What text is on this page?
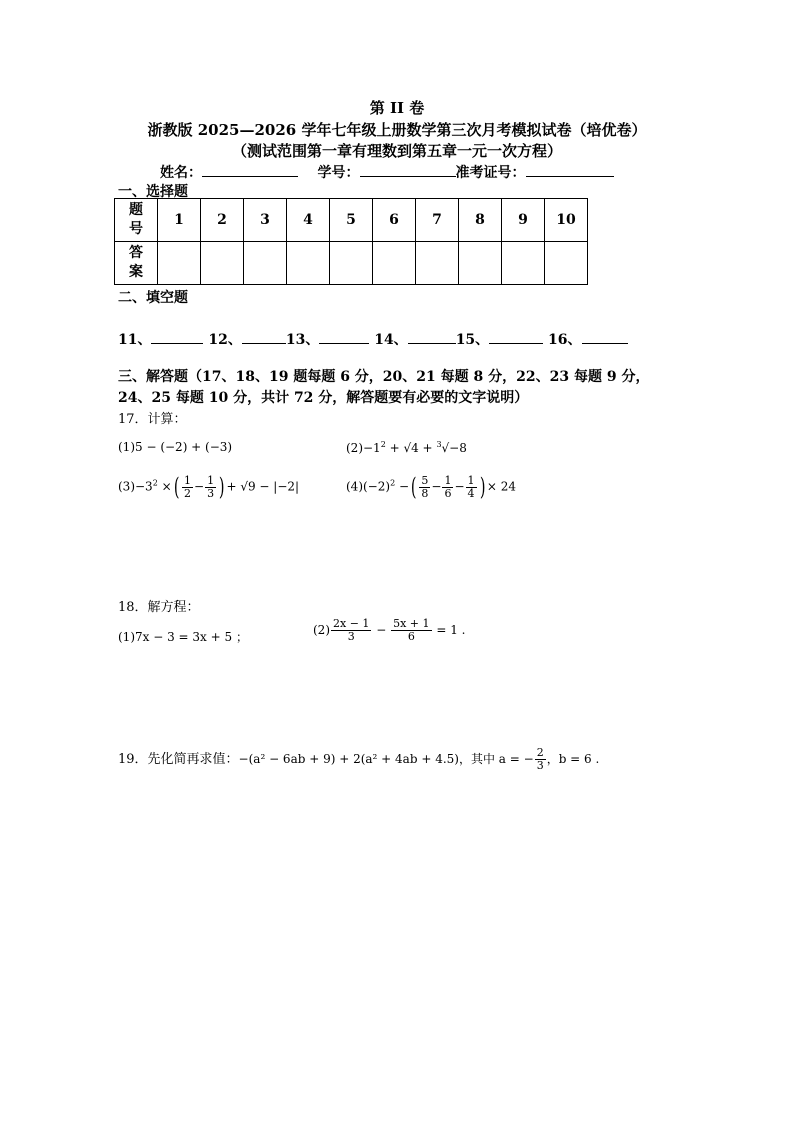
第 II 卷
浙教版 2025—2026 学年七年级上册数学第三次月考模拟试卷（培优卷）
（测试范围第一章有理数到第五章一元一次方程）
姓名：	学号：	准考证号：
一、选择题
题号	1	2	3	4	5	6	7	8	9	10
答案										
二、填空题
11、	12、	13、	14、	15、	16、
三、解答题（17、18、19 题每题 6 分，20、21 每题 8 分，22、23 每题 9 分，
24、25 每题 10 分，共计 72 分，解答题要有必要的文字说明）
17．计算：
(1)5 − (−2) + (−3)	$(2)-1^2 + √4 + ^3√-8$
$(3)-3^2$ ×( $\frac{1}{2} - \frac{1}{3}$ ) + √9 − |−2|	$(4)(-2)^2$ −( $\frac{5}{8} - \frac{1}{6} - \frac{1}{4}$ ) × 24
18．解方程：
(1)7x − 3 = 3x + 5 ；	$(2) \frac{2x - 1}{3} - \frac{5x + 1}{6} = 1$ .
19．先化简再求值：−(a² − 6ab + 9) + 2(a² + 4ab + 4.5)，其中 a = − $\frac{2}{3}$ ，b = 6 .
